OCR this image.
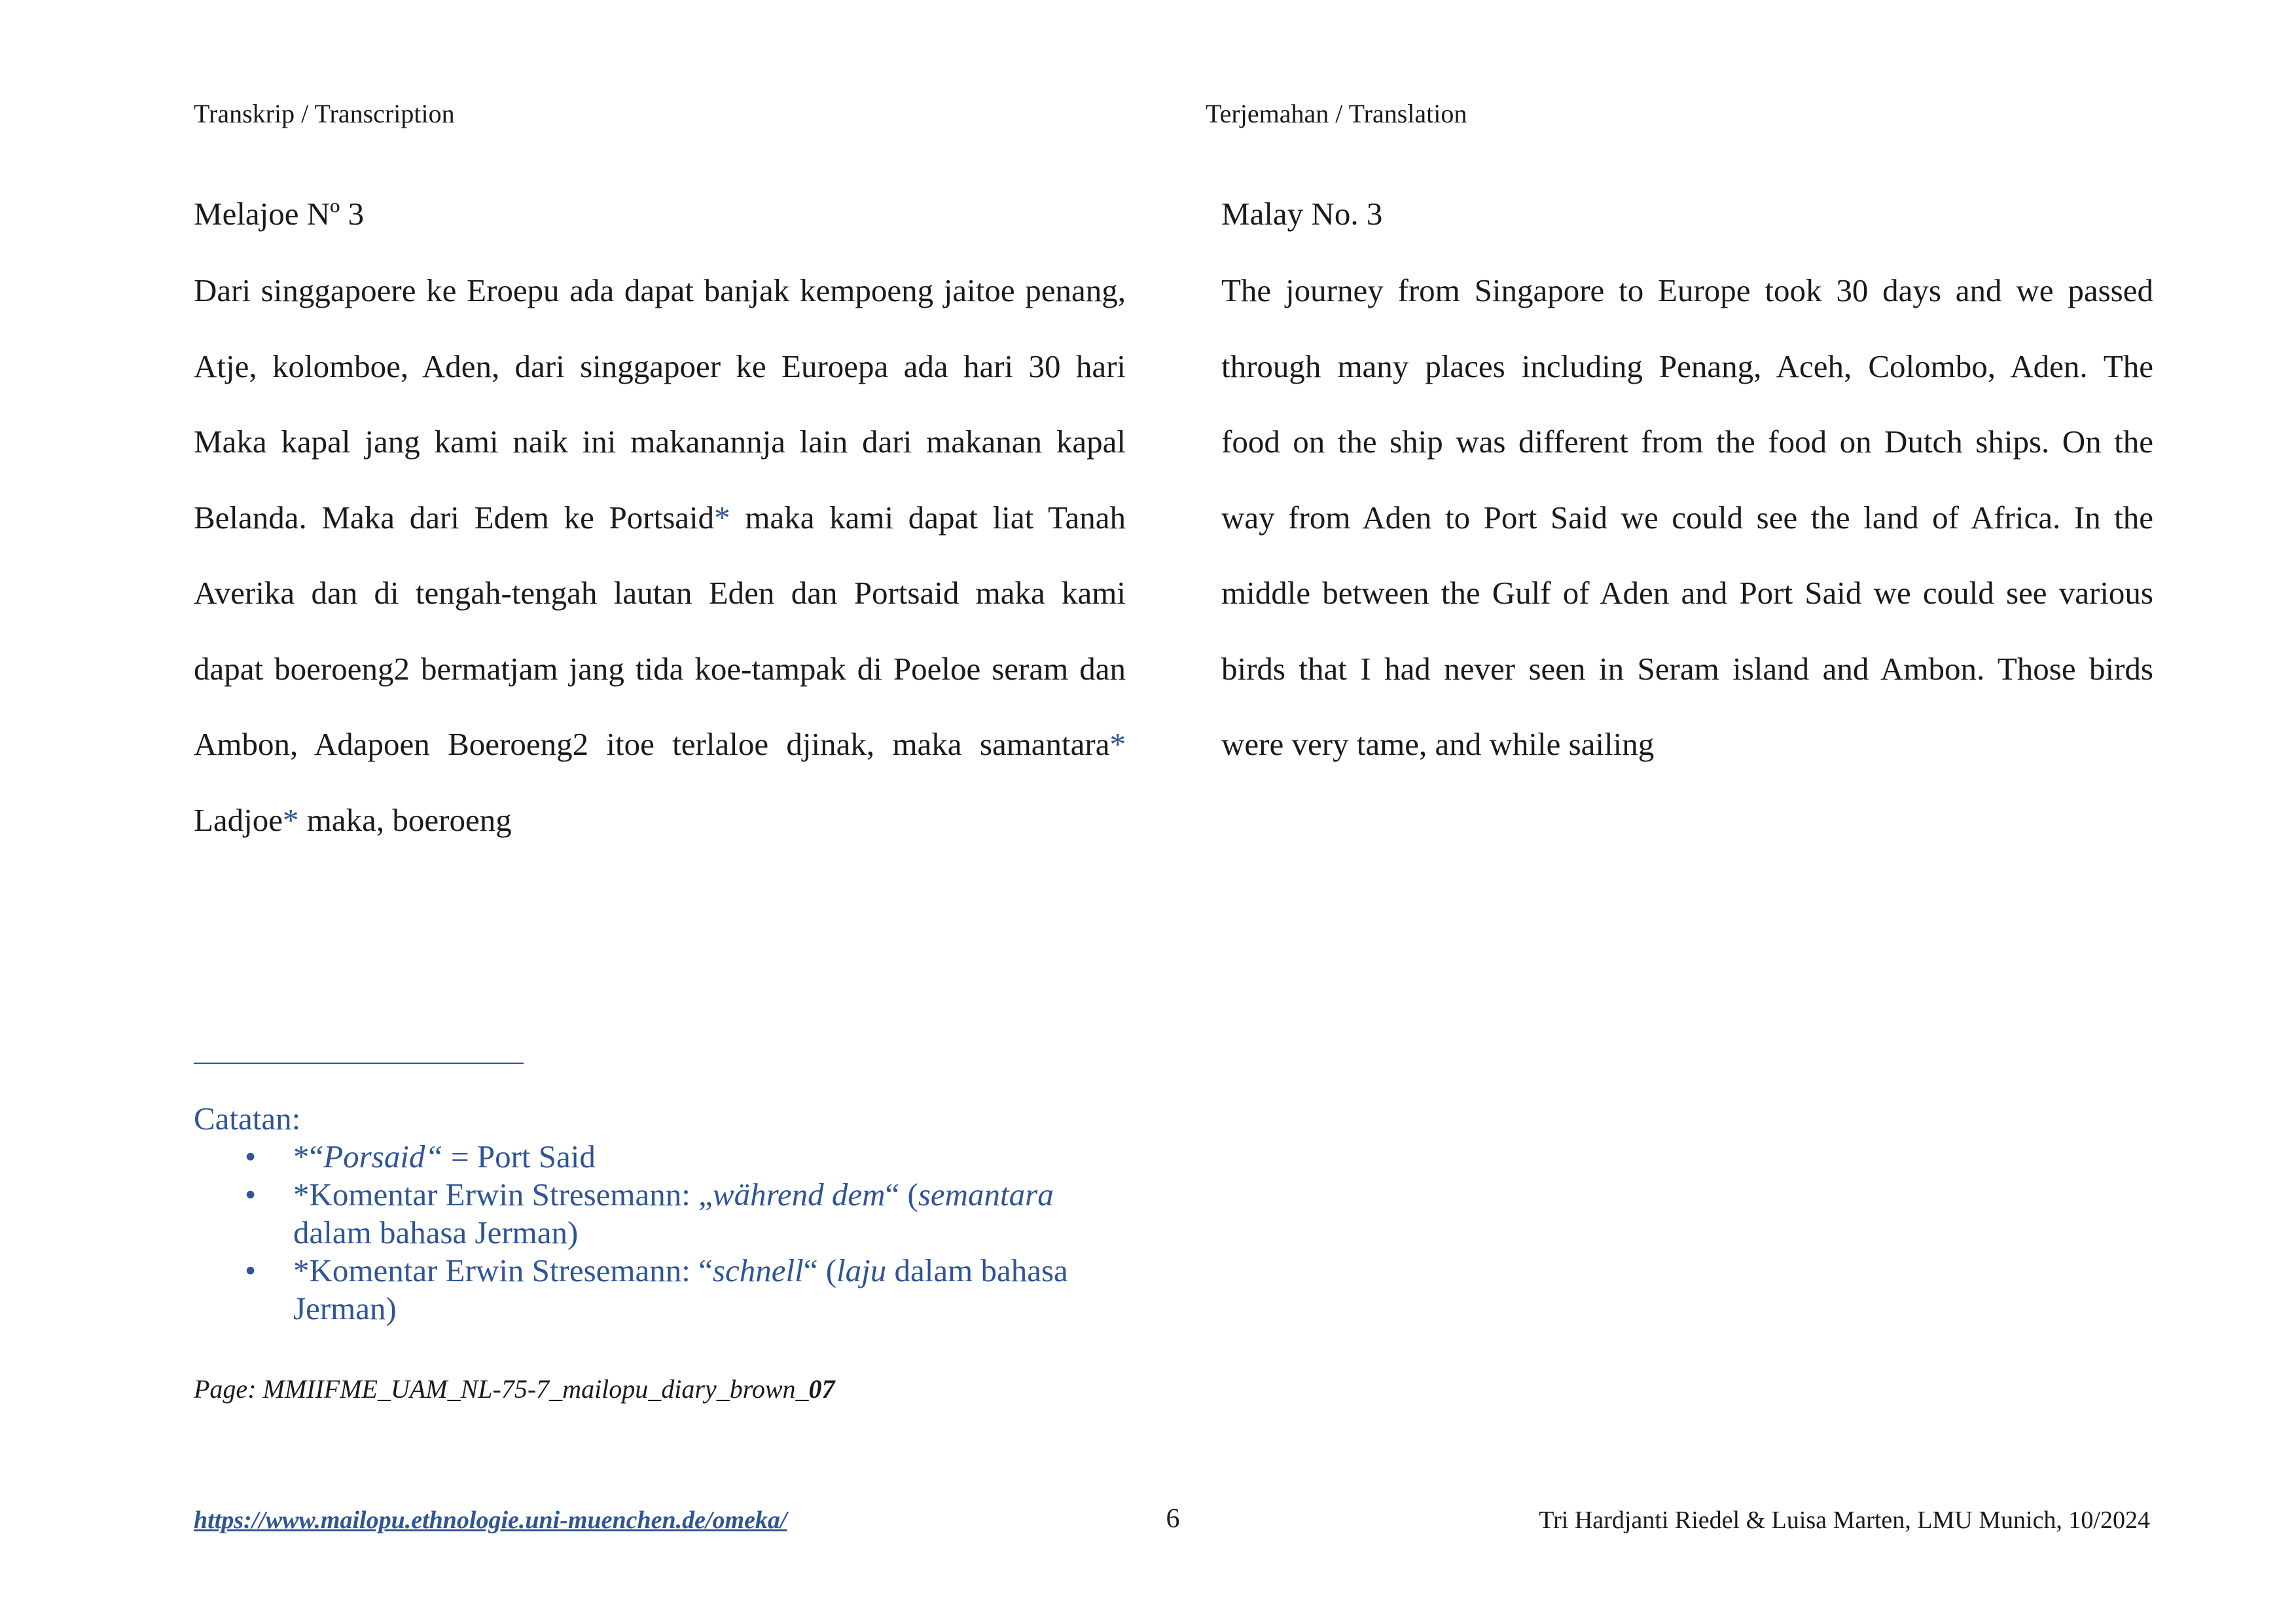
Transkrip / Transcription	Terjemahan / Translation
Melajoe Nº 3	Malay No. 3
Dari singgapoere ke Eroepu ada dapat banjak kempoeng jaitoe penang,
Atje, kolomboe, Aden, dari singgapoer ke Euroepa ada hari 30 hari
Maka kapal jang kami naik ini makanannja lain dari makanan kapal
Belanda. Maka dari Edem ke Portsaid* maka kami dapat liat Tanah
Averika dan di tengah-tengah lautan Eden dan Portsaid maka kami
dapat boeroeng2 bermatjam jang tida koe-tampak di Poeloe seram dan
Ambon, Adapoen Boeroeng2 itoe terlaloe djinak, maka samantara*
Ladjoe* maka, boeroeng
The journey from Singapore to Europe took 30 days and we passed
through many places including Penang, Aceh, Colombo, Aden. The
food on the ship was different from the food on Dutch ships. On the
way from Aden to Port Said we could see the land of Africa. In the
middle between the Gulf of Aden and Port Said we could see various
birds that I had never seen in Seram island and Ambon. Those birds
were very tame, and while sailing
Catatan:
• *“Porsaid“ = Port Said
• *Komentar Erwin Stresemann: „während dem“ (semantara dalam bahasa Jerman)
• *Komentar Erwin Stresemann: “schnell“ (laju dalam bahasa Jerman)
Page: MMIIFME_UAM_NL-75-7_mailopu_diary_brown_07
https://www.mailopu.ethnologie.uni-muenchen.de/omeka/	6	Tri Hardjanti Riedel & Luisa Marten, LMU Munich, 10/2024
